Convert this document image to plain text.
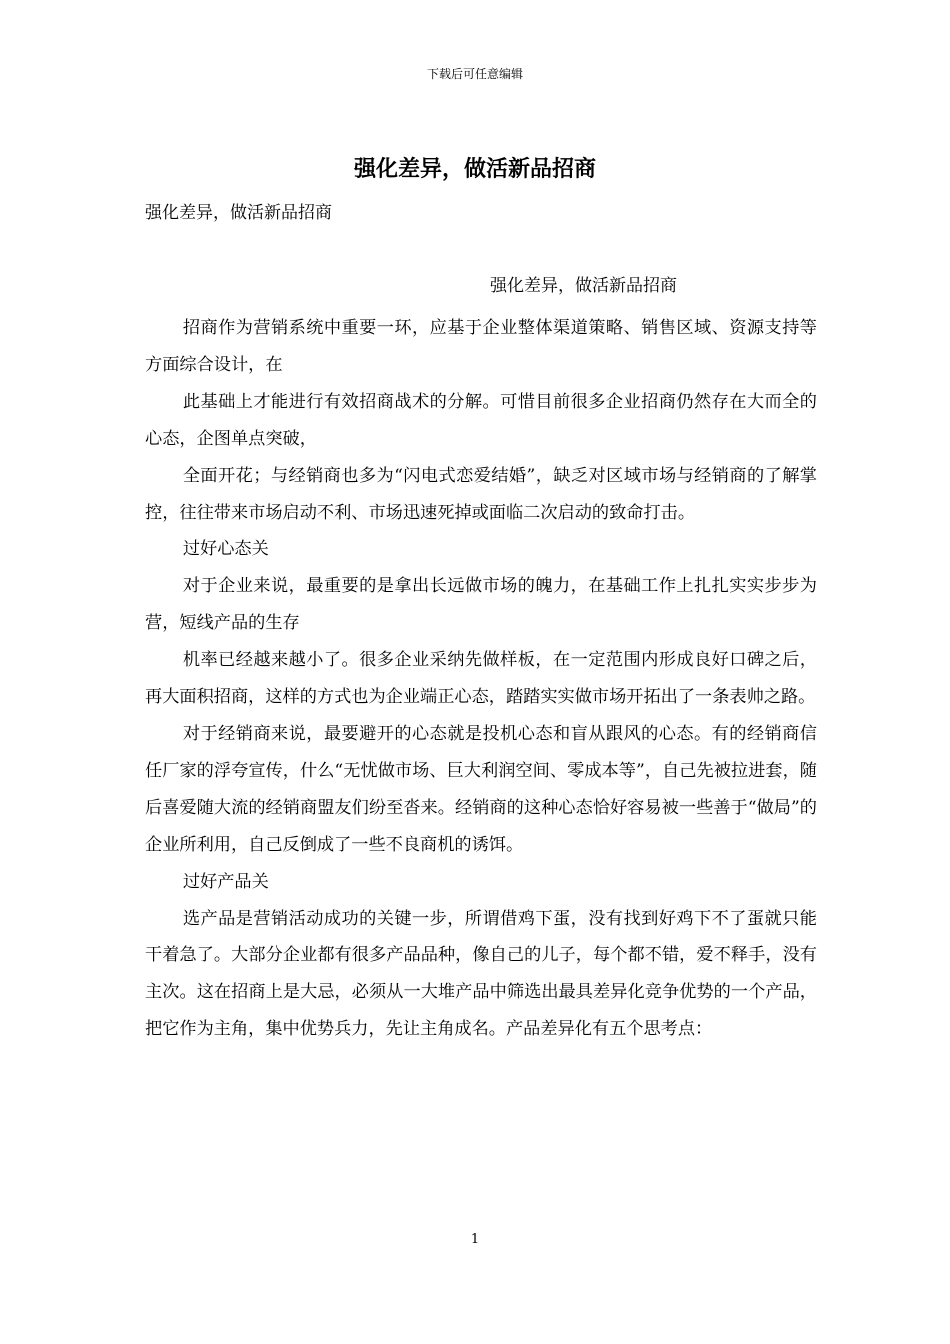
下载后可任意编辑
强化差异，做活新品招商
强化差异，做活新品招商
强化差异，做活新品招商

招商作为营销系统中重要一环，应基于企业整体渠道策略、销售区域、资源支持等方面综合设计，在

此基础上才能进行有效招商战术的分解。可惜目前很多企业招商仍然存在大而全的心态，企图单点突破，

全面开花；与经销商也多为“闪电式恋爱结婚”，缺乏对区域市场与经销商的了解掌控，往往带来市场启动不利、市场迅速死掉或面临二次启动的致命打击。

过好心态关

对于企业来说，最重要的是拿出长远做市场的魄力，在基础工作上扎扎实实步步为营，短线产品的生存

机率已经越来越小了。很多企业采纳先做样板，在一定范围内形成良好口碑之后，再大面积招商，这样的方式也为企业端正心态，踏踏实实做市场开拓出了一条表帅之路。

对于经销商来说，最要避开的心态就是投机心态和盲从跟风的心态。有的经销商信任厂家的浮夸宣传，什么“无忧做市场、巨大利润空间、零成本等”，自己先被拉进套，随后喜爱随大流的经销商盟友们纷至沓来。经销商的这种心态恰好容易被一些善于“做局”的企业所利用，自己反倒成了一些不良商机的诱饵。

过好产品关

选产品是营销活动成功的关键一步，所谓借鸡下蛋，没有找到好鸡下不了蛋就只能干着急了。大部分企业都有很多产品品种，像自己的儿子，每个都不错，爱不释手，没有主次。这在招商上是大忌，必须从一大堆产品中筛选出最具差异化竞争优势的一个产品，把它作为主角，集中优势兵力，先让主角成名。产品差异化有五个思考点：

1
